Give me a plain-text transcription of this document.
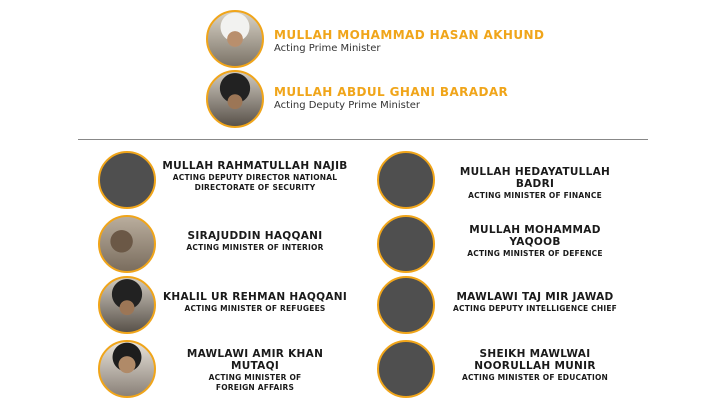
MULLAH MOHAMMAD HASAN AKHUND
Acting Prime Minister
MULLAH ABDUL GHANI BARADAR
Acting Deputy Prime Minister
MULLAH RAHMATULLAH NAJIB
ACTING DEPUTY DIRECTOR NATIONAL
DIRECTORATE OF SECURITY
SIRAJUDDIN HAQQANI
ACTING MINISTER OF INTERIOR
KHALIL UR REHMAN HAQQANI
ACTING MINISTER OF REFUGEES
MAWLAWI AMIR KHAN
MUTAQI
ACTING MINISTER OF
FOREIGN AFFAIRS
MULLAH HEDAYATULLAH BADRI
ACTING MINISTER OF FINANCE
MULLAH MOHAMMAD
YAQOOB
ACTING MINISTER OF DEFENCE
MAWLAWI TAJ MIR JAWAD
ACTING DEPUTY INTELLIGENCE CHIEF
SHEIKH MAWLWAI
NOORULLAH MUNIR
ACTING MINISTER OF EDUCATION
